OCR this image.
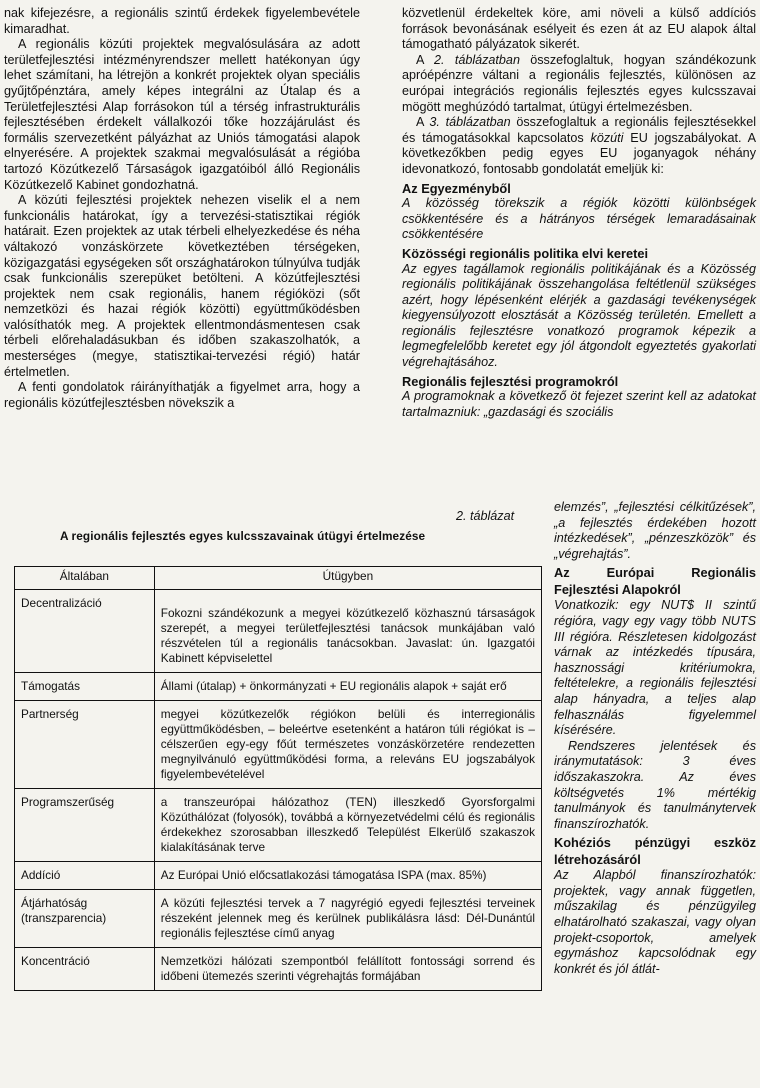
nak kifejezésre, a regionális szintű érdekek figyelembevétele kimaradhat.

A regionális közúti projektek megvalósulására az adott területfejlesztési intézményrendszer mellett hatékonyan úgy lehet számítani, ha létrejön a konkrét projektek olyan speciális gyűjtőpénztára, amely képes integrálni az Útalap és a Területfejlesztési Alap forrásokon túl a térség infrastrukturális fejlesztésében érdekelt vállalkozói tőke hozzájárulást és formális szervezetként pályázhat az Uniós támogatási alapok elnyerésére. A projektek szakmai megvalósulását a régióba tartozó Közútkezelő Társaságok igazgatóiból álló Regionális Közútkezelő Kabinet gondozhatná.

A közúti fejlesztési projektek nehezen viselik el a nem funkcionális határokat, így a tervezési-statisztikai régiók határait. Ezen projektek az utak térbeli elhelyezkedése és néha váltakozó vonzáskörzete következtében térségeken, közigazgatási egységeken sőt országhatárokon túlnyúlva tudják csak funkcionális szerepüket betölteni. A közútfejlesztési projektek nem csak regionális, hanem régióközi (sőt nemzetközi és hazai régiók közötti) együttműködésben valósíthatók meg. A projektek ellentmondásmentesen csak térbeli előrehaladásukban és időben szakaszolhatók, a mesterséges (megye, statisztikai-tervezési régió) határ értelmetlen.

A fenti gondolatok ráirányíthatják a figyelmet arra, hogy a regionális közútfejlesztésben növekszik a

közvetlenül érdekeltek köre, ami növeli a külső addíciós források bevonásának esélyeit és ezen át az EU alapok által támogatható pályázatok sikerét.

A 2. táblázatban összefoglaltuk, hogyan szándékozunk apróépénzre váltani a regionális fejlesztés, különösen az európai integrációs regionális fejlesztés egyes kulcsszavai mögött meghúzódó tartalmat, útügyi értelmezésben.

A 3. táblázatban összefoglaltuk a regionális fejlesztésekkel és támogatásokkal kapcsolatos közúti EU jogszabályokat. A következőkben pedig egyes EU joganyagok néhány idevonatkozó, fontosabb gondolatát emeljük ki:

Az Egyezményből

A közösség törekszik a régiók közötti különbségek csökkentésére és a hátrányos térségek lemaradásainak csökkentésére

Közösségi regionális politika elvi keretei

Az egyes tagállamok regionális politikájának és a Közösség regionális politikájának összehangolása feltétlenül szükséges azért, hogy lépésenként elérjék a gazdasági tevékenységek kiegyensúlyozott elosztását a Közösség területén. Emellett a regionális fejlesztésre vonatkozó programok képezik a legmegfelelőbb keretet egy jól átgondolt egyeztetés gyakorlati végrehajtásához.

Regionális fejlesztési programokról

A programoknak a következő öt fejezet szerint kell az adatokat tartalmazniuk: „gazdasági és szociális

2. táblázat
A regionális fejlesztés egyes kulcsszavainak útügyi értelmezése
Általában	Útügyben
Decentralizáció	Fokozni szándékozunk a megyei közútkezelő közhasznú társaságok szerepét, a megyei területfejlesztési tanácsok munkájában való részvételen túl a regionális tanácsokban. Javaslat: ún. Igazgatói Kabinett képviselettel
Támogatás	Állami (útalap) + önkormányzati + EU regionális alapok + saját erő
Partnerség	megyei közútkezelők régiókon belüli és interregionális együttműködésben, – beleértve esetenként a határon túli régiókat is – célszerűen egy-egy főút természetes vonzáskörzetére rendezetten megnyilvánuló együttműködési forma, a releváns EU jogszabályok figyelembevételével
Programszerűség	a transzeurópai hálózathoz (TEN) illeszkedő Gyorsforgalmi Közúthálózat (folyosók), továbbá a környezetvédelmi célú és regionális érdekekhez szorosabban illeszkedő Települést Elkerülő szakaszok kialakításának terve
Addíció	Az Európai Unió előcsatlakozási támogatása ISPA (max. 85%)
Átjárhatóság (transzparencia)	A közúti fejlesztési tervek a 7 nagyrégió egyedi fejlesztési terveinek részeként jelennek meg és kerülnek publikálásra lásd: Dél-Dunántúl regionális fejlesztése című anyag
Koncentráció	Nemzetközi hálózati szempontból felállított fontossági sorrend és időbeni ütemezés szerinti végrehajtás formájában

elemzés”, „fejlesztési célkitűzések”, „a fejlesztés érdekében hozott intézkedések”, „pénzeszközök” és „végrehajtás”.

Az Európai Regionális Fejlesztési Alapokról

Vonatkozik: egy NUT$ II szintű régióra, vagy egy vagy több NUTS III régióra. Részletesen kidolgozást várnak az intézkedés típusára, hasznossági kritériumokra, feltételekre, a regionális fejlesztési alap hányadra, a teljes alap felhasználás figyelemmel kísérésére.

Rendszeres jelentések és iránymutatások: 3 éves időszakaszokra. Az éves költségvetés 1% mértékig tanulmányok és tanulmánytervek finanszírozhatók.

Kohéziós pénzügyi eszköz létrehozásáról

Az Alapból finanszírozhatók: projektek, vagy annak független, műszakilag és pénzügyileg elhatárolható szakaszai, vagy olyan projekt-csoportok, amelyek egymáshoz kapcsolódnak egy konkrét és jól átlát-
